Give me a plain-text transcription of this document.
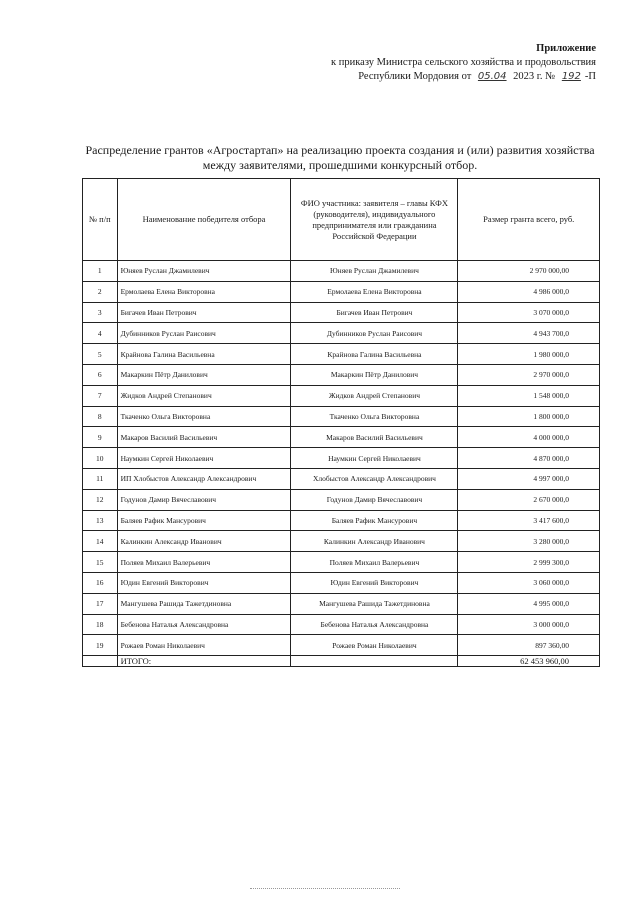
Приложение
к приказу Министра сельского хозяйства и продовольствия
Республики Мордовия от 05.04 2023 г. № 192 -П
Распределение грантов «Агростартап» на реализацию проекта создания и (или) развития хозяйства
между заявителями, прошедшими конкурсный отбор.
№ п/п	Наименование победителя отбора	ФИО участника: заявителя – главы КФХ (руководителя), индивидуального предпринимателя или гражданина Российской Федерации	Размер гранта всего, руб.
1	Юняев Руслан Джамилевич	Юняев Руслан Джамилевич	2 970 000,00
2	Ермолаева Елена Викторовна	Ермолаева Елена Викторовна	4 986 000,0
3	Бигачев Иван Петрович	Бигачев Иван Петрович	3 070 000,0
4	Дубинников Руслан Раисович	Дубинников Руслан Раисович	4 943 700,0
5	Крайнова Галина Васильевна	Крайнова Галина Васильевна	1 980 000,0
6	Макаркин Пётр Данилович	Макаркин Пётр Данилович	2 970 000,0
7	Жидков Андрей Степанович	Жидков Андрей Степанович	1 548 000,0
8	Ткаченко Ольга Викторовна	Ткаченко Ольга Викторовна	1 800 000,0
9	Макаров Василий Васильевич	Макаров Василий Васильевич	4 000 000,0
10	Наумкин Сергей Николаевич	Наумкин Сергей Николаевич	4 870 000,0
11	ИП Хлобыстов Александр Александрович	Хлобыстов Александр Александрович	4 997 000,0
12	Годунов Дамир Вячеславович	Годунов Дамир Вячеславович	2 670 000,0
13	Баляев Рафик Мансурович	Баляев Рафик Мансурович	3 417 600,0
14	Калинкин Александр Иванович	Калинкин Александр Иванович	3 280 000,0
15	Поляев Михаил Валерьевич	Поляев Михаил Валерьевич	2 999 300,0
16	Юдин Евгений Викторович	Юдин Евгений Викторович	3 060 000,0
17	Мангушева Рашида Тажетдиновна	Мангушева Рашида Тажетдиновна	4 995 000,0
18	Бебенова Наталья Александровна	Бебенова Наталья Александровна	3 000 000,0
19	Рожаев Роман Николаевич	Рожаев Роман Николаевич	897 360,00
	ИТОГО:		62 453 960,00
